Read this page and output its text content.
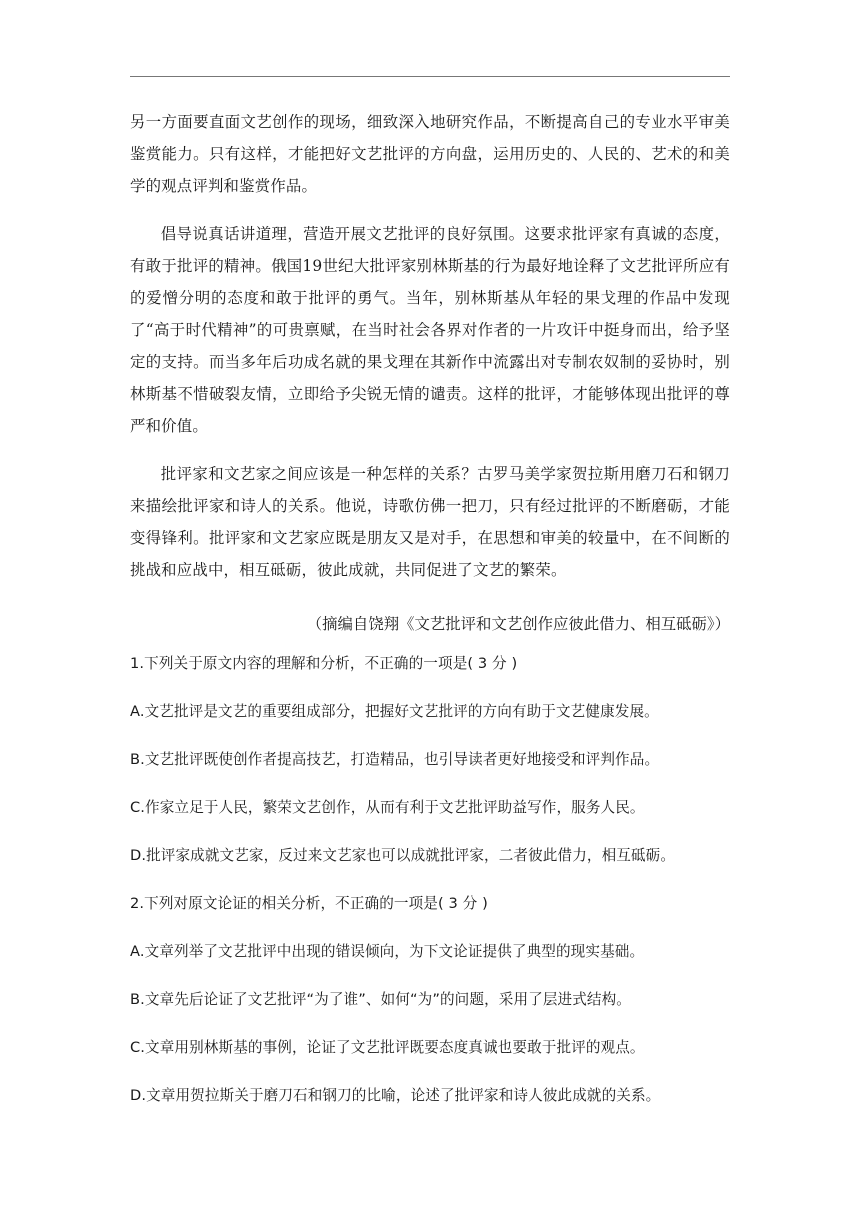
另一方面要直面文艺创作的现场，细致深入地研究作品，不断提高自己的专业水平审美鉴赏能力。只有这样，才能把好文艺批评的方向盘，运用历史的、人民的、艺术的和美学的观点评判和鉴赏作品。

倡导说真话讲道理，营造开展文艺批评的良好氛围。这要求批评家有真诚的态度，有敢于批评的精神。俄国19世纪大批评家别林斯基的行为最好地诠释了文艺批评所应有的爱憎分明的态度和敢于批评的勇气。当年，别林斯基从年轻的果戈理的作品中发现了“高于时代精神”的可贵禀赋，在当时社会各界对作者的一片攻讦中挺身而出，给予坚定的支持。而当多年后功成名就的果戈理在其新作中流露出对专制农奴制的妥协时，别林斯基不惜破裂友情，立即给予尖锐无情的谴责。这样的批评，才能够体现出批评的尊严和价值。

批评家和文艺家之间应该是一种怎样的关系？古罗马美学家贺拉斯用磨刀石和钢刀来描绘批评家和诗人的关系。他说，诗歌仿佛一把刀，只有经过批评的不断磨砺，才能变得锋利。批评家和文艺家应既是朋友又是对手，在思想和审美的较量中，在不间断的挑战和应战中，相互砥砺，彼此成就，共同促进了文艺的繁荣。

（摘编自饶翔《文艺批评和文艺创作应彼此借力、相互砥砺》）

1.下列关于原文内容的理解和分析，不正确的一项是( 3 分 )

A.文艺批评是文艺的重要组成部分，把握好文艺批评的方向有助于文艺健康发展。

B.文艺批评既使创作者提高技艺，打造精品，也引导读者更好地接受和评判作品。

C.作家立足于人民，繁荣文艺创作，从而有利于文艺批评助益写作，服务人民。

D.批评家成就文艺家，反过来文艺家也可以成就批评家，二者彼此借力，相互砥砺。

2.下列对原文论证的相关分析，不正确的一项是( 3 分 )

A.文章列举了文艺批评中出现的错误倾向，为下文论证提供了典型的现实基础。

B.文章先后论证了文艺批评“为了谁”、如何“为”的问题，采用了层进式结构。

C.文章用别林斯基的事例，论证了文艺批评既要态度真诚也要敢于批评的观点。

D.文章用贺拉斯关于磨刀石和钢刀的比喻，论述了批评家和诗人彼此成就的关系。
